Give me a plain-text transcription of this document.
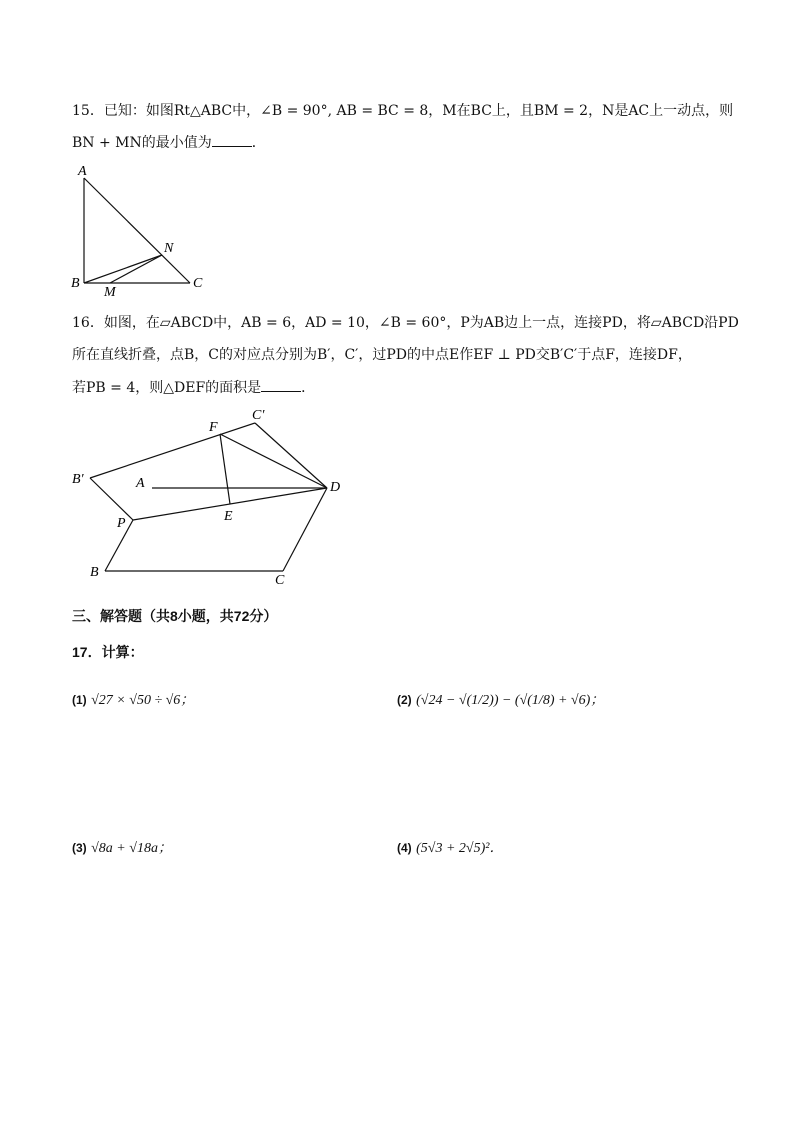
15．已知：如图Rt△ABC中，∠B = 90°, AB = BC = 8，M在BC上，且BM = 2，N是AC上一动点，则
BN + MN的最小值为	．
A
B	C
N
M
16．如图，在▱ABCD中，AB = 6，AD = 10，∠B = 60°，P为AB边上一点，连接PD，将▱ABCD沿PD
所在直线折叠，点B，C的对应点分别为B′，C′，过PD的中点E作EF ⊥ PD交B′C′于点F，连接DF，
若PB = 4，则△DEF的面积是	．
C′
F
B′	A	D
P	E
B
C
三、解答题（共8小题，共72分）
17．计算：
(1) √27 × √50 ÷ √6；	(2) (√24 − √(1/2)) − (√(1/8) + √6)；
(3) √8a + √18a；	(4) (5√3 + 2√5)²．
